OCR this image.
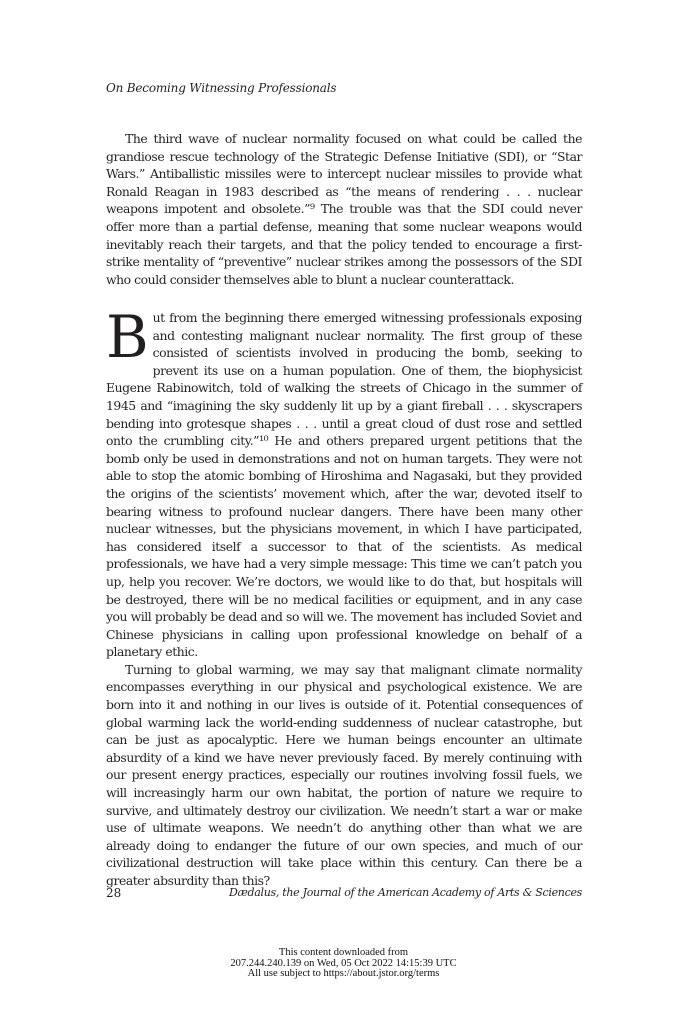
On Becoming Witnessing Professionals

The third wave of nuclear normality focused on what could be called the grandiose rescue technology of the Strategic Defense Initiative (SDI), or “Star Wars.” Antiballistic missiles were to intercept nuclear missiles to provide what Ronald Reagan in 1983 described as “the means of rendering . . . nuclear weapons impotent and obsolete.”⁹ The trouble was that the SDI could never offer more than a partial defense, meaning that some nuclear weapons would inevitably reach their targets, and that the policy tended to encourage a first-strike mentality of “preventive” nuclear strikes among the possessors of the SDI who could consider themselves able to blunt a nuclear counterattack.

But from the beginning there emerged witnessing professionals exposing and contesting malignant nuclear normality. The first group of these consisted of scientists involved in producing the bomb, seeking to prevent its use on a human population. One of them, the biophysicist Eugene Rabinowitch, told of walking the streets of Chicago in the summer of 1945 and “imagining the sky suddenly lit up by a giant fireball . . . skyscrapers bending into grotesque shapes . . . until a great cloud of dust rose and settled onto the crumbling city.”¹⁰ He and others prepared urgent petitions that the bomb only be used in demonstrations and not on human targets. They were not able to stop the atomic bombing of Hiroshima and Nagasaki, but they provided the origins of the scientists’ movement which, after the war, devoted itself to bearing witness to profound nuclear dangers. There have been many other nuclear witnesses, but the physicians movement, in which I have participated, has considered itself a successor to that of the scientists. As medical professionals, we have had a very simple message: This time we can’t patch you up, help you recover. We’re doctors, we would like to do that, but hospitals will be destroyed, there will be no medical facilities or equipment, and in any case you will probably be dead and so will we. The movement has included Soviet and Chinese physicians in calling upon professional knowledge on behalf of a planetary ethic.

Turning to global warming, we may say that malignant climate normality encompasses everything in our physical and psychological existence. We are born into it and nothing in our lives is outside of it. Potential consequences of global warming lack the world-ending suddenness of nuclear catastrophe, but can be just as apocalyptic. Here we human beings encounter an ultimate absurdity of a kind we have never previously faced. By merely continuing with our present energy practices, especially our routines involving fossil fuels, we will increasingly harm our own habitat, the portion of nature we require to survive, and ultimately destroy our civilization. We needn’t start a war or make use of ultimate weapons. We needn’t do anything other than what we are already doing to endanger the future of our own species, and much of our civilizational destruction will take place within this century. Can there be a greater absurdity than this?

28	Dædalus, the Journal of the American Academy of Arts & Sciences
This content downloaded from
207.244.240.139 on Wed, 05 Oct 2022 14:15:39 UTC
All use subject to https://about.jstor.org/terms
